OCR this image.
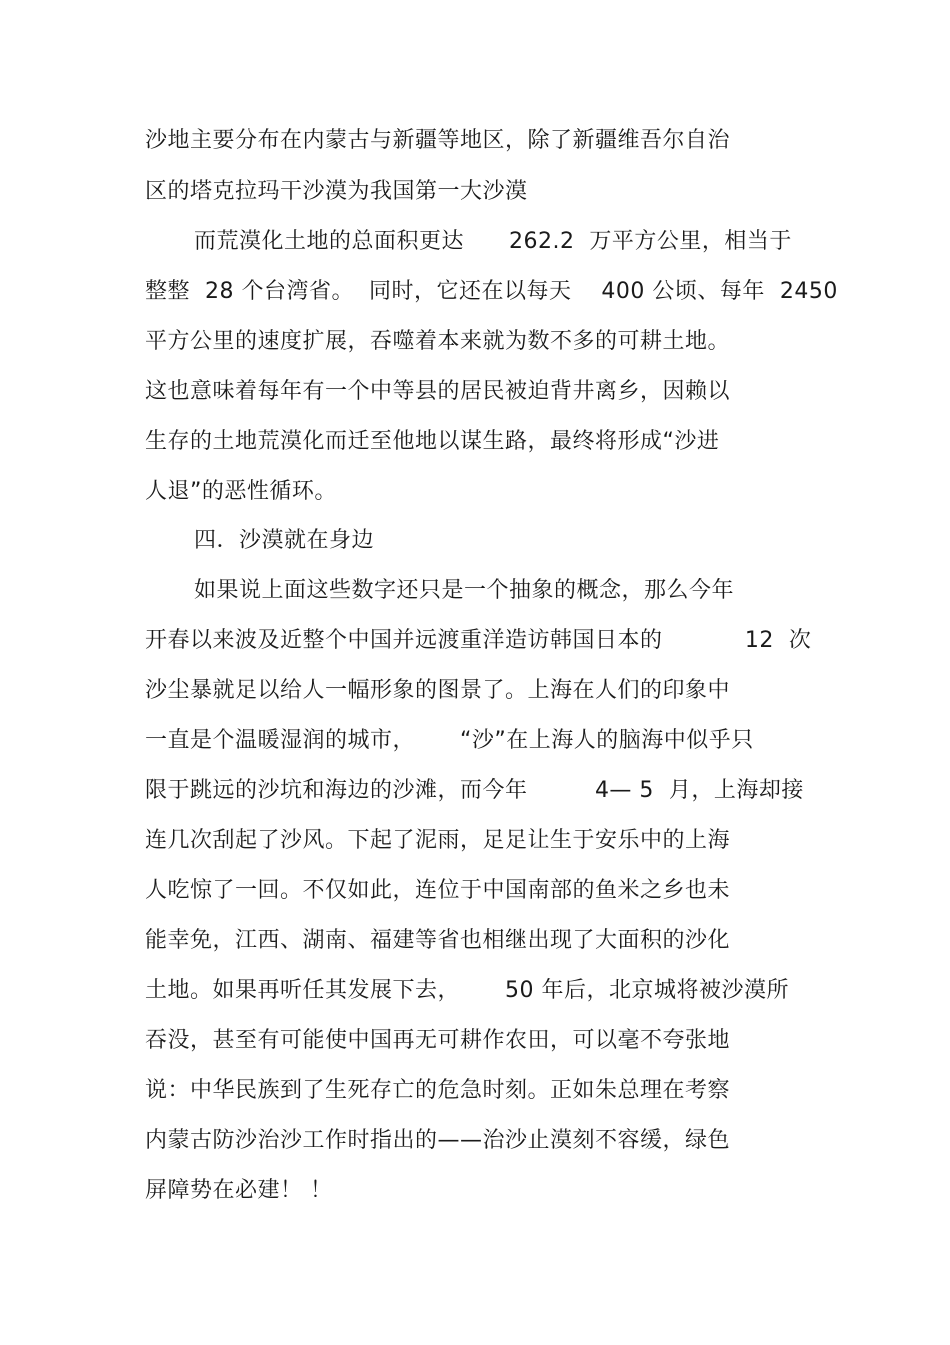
沙地主要分布在内蒙古与新疆等地区，除了新疆维吾尔自治
区的塔克拉玛干沙漠为我国第一大沙漠
而荒漠化土地的总面积更达      262.2  万平方公里，相当于
整整  28 个台湾省。  同时，它还在以每天    400 公顷、每年  2450
平方公里的速度扩展，吞噬着本来就为数不多的可耕土地。
这也意味着每年有一个中等县的居民被迫背井离乡，因赖以
生存的土地荒漠化而迁至他地以谋生路，最终将形成“沙进
人退”的恶性循环。
四．沙漠就在身边
如果说上面这些数字还只是一个抽象的概念，那么今年
开春以来波及近整个中国并远渡重洋造访韩国日本的           12  次
沙尘暴就足以给人一幅形象的图景了。上海在人们的印象中
一直是个温暖湿润的城市，      “沙”在上海人的脑海中似乎只
限于跳远的沙坑和海边的沙滩，而今年         4— 5  月，上海却接
连几次刮起了沙风。下起了泥雨，足足让生于安乐中的上海
人吃惊了一回。不仅如此，连位于中国南部的鱼米之乡也未
能幸免，江西、湖南、福建等省也相继出现了大面积的沙化
土地。如果再听任其发展下去，      50 年后，北京城将被沙漠所
吞没，甚至有可能使中国再无可耕作农田，可以毫不夸张地
说：中华民族到了生死存亡的危急时刻。正如朱总理在考察
内蒙古防沙治沙工作时指出的——治沙止漠刻不容缓，绿色
屏障势在必建！ ！
